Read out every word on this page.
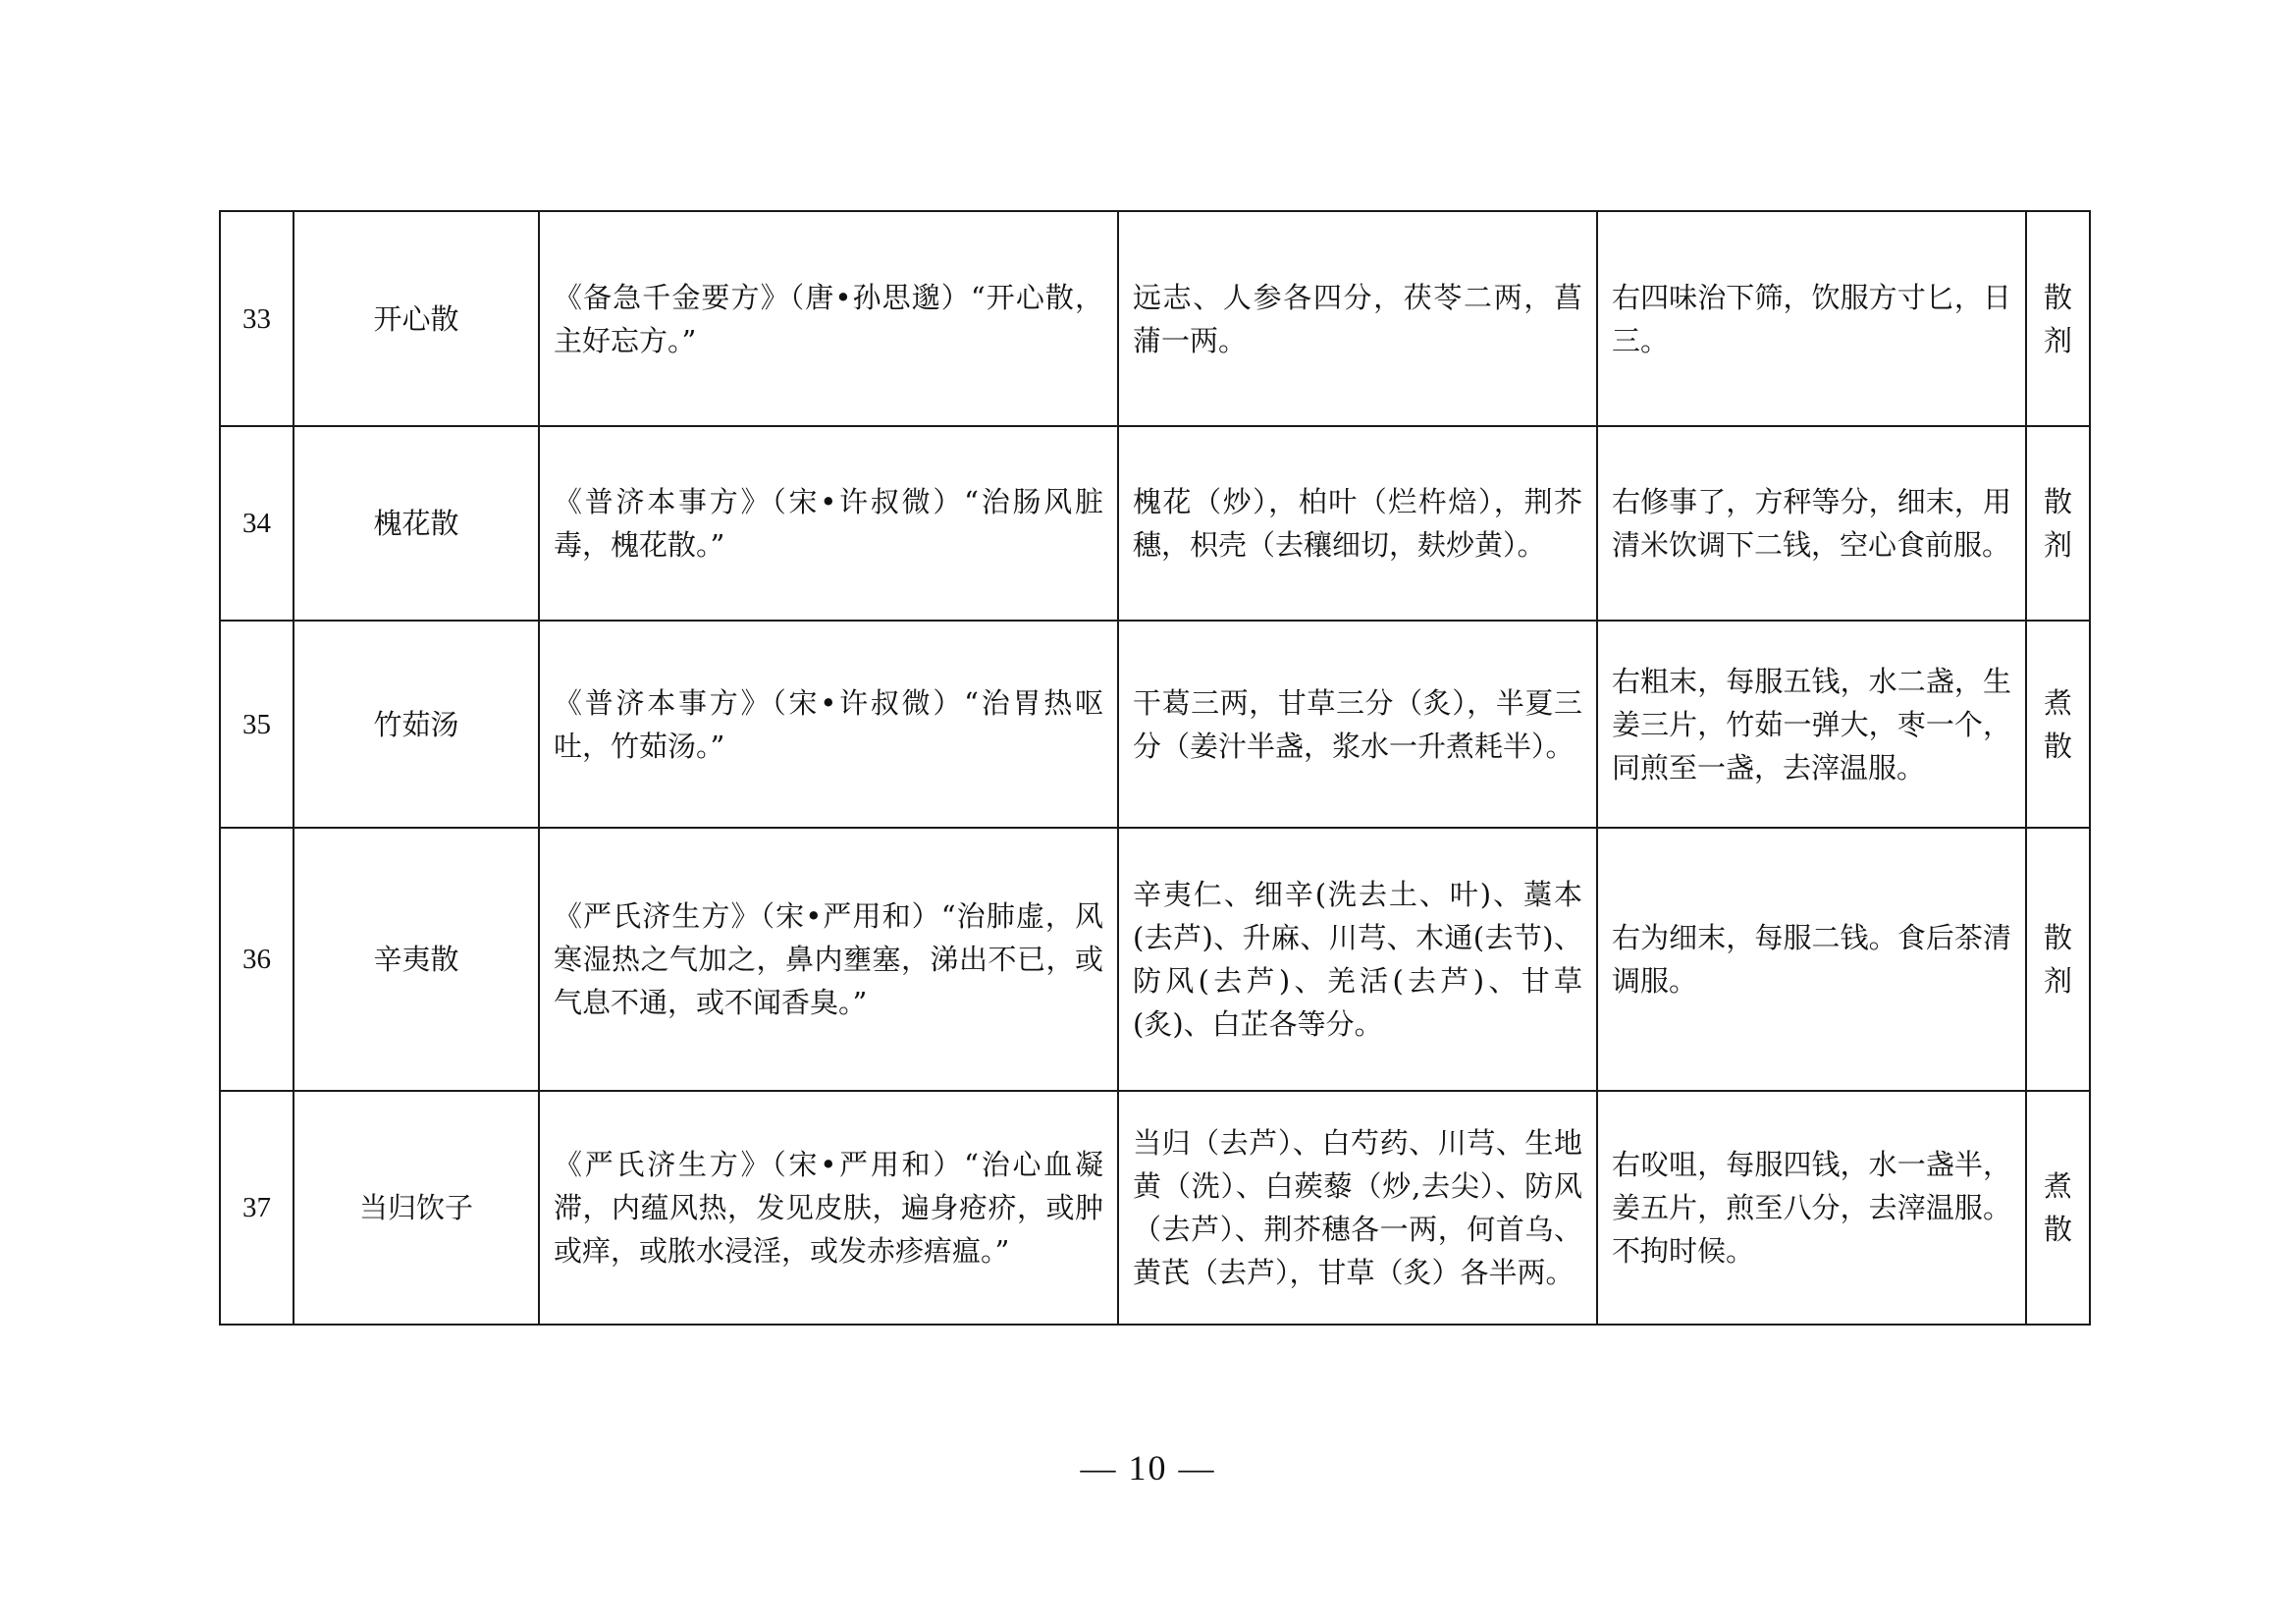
33	开心散	《备急千金要方》（唐•孙思邈）“开心散，主好忘方。”	远志、人参各四分，茯苓二两，菖蒲一两。	右四味治下筛，饮服方寸匕，日三。	散剂
34	槐花散	《普济本事方》（宋•许叔微）“治肠风脏毒，槐花散。”	槐花（炒），柏叶（烂杵焙），荆芥穗，枳壳（去穰细切，麸炒黄）。	右修事了，方秤等分，细末，用清米饮调下二钱，空心食前服。	散剂
35	竹茹汤	《普济本事方》（宋•许叔微）“治胃热呕吐，竹茹汤。”	干葛三两，甘草三分（炙），半夏三分（姜汁半盏，浆水一升煮耗半）。	右粗末，每服五钱，水二盏，生姜三片，竹茹一弹大，枣一个，同煎至一盏，去滓温服。	煮散
36	辛夷散	《严氏济生方》（宋•严用和）“治肺虚，风寒湿热之气加之，鼻内壅塞，涕出不已，或气息不通，或不闻香臭。”	辛夷仁、细辛(洗去土、叶)、藁本(去芦)、升麻、川芎、木通(去节)、防风(去芦)、羌活(去芦)、甘草(炙)、白芷各等分。	右为细末，每服二钱。食后茶清调服。	散剂
37	当归饮子	《严氏济生方》（宋•严用和）“治心血凝滞，内蕴风热，发见皮肤，遍身疮疥，或肿或痒，或脓水浸淫，或发赤疹痦瘟。”	当归（去芦）、白芍药、川芎、生地黄（洗）、白蒺藜（炒,去尖）、防风（去芦）、荆芥穗各一两，何首乌、黄芪（去芦），甘草（炙）各半两。	右㕮咀，每服四钱，水一盏半，姜五片，煎至八分，去滓温服。不拘时候。	煮散
— 10 —
